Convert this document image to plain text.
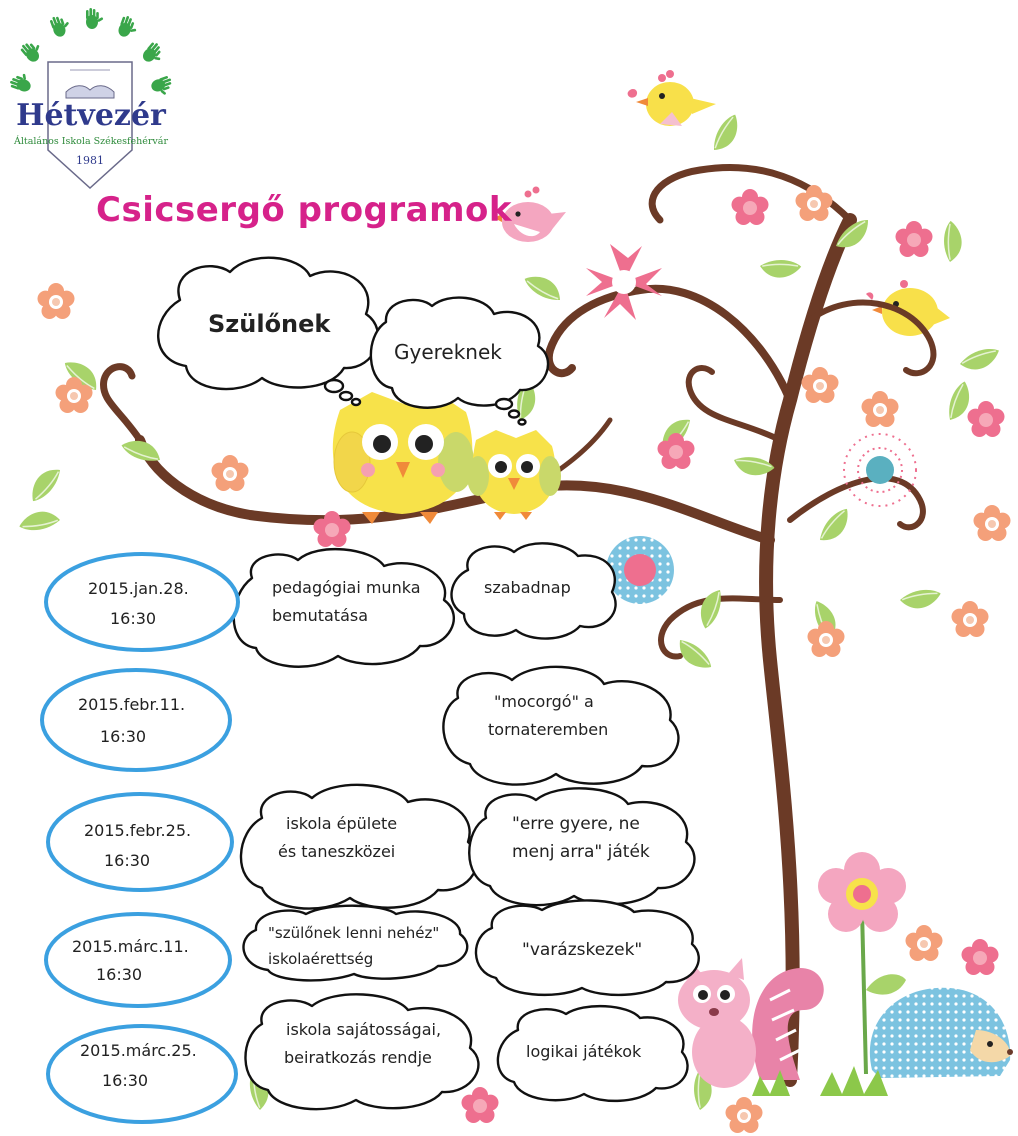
Hétvezér
Általános Iskola Székesfehérvár
1981
Csicsergő programok
Szülőnek
Gyereknek
2015.jan.28.
16:30
pedagógiai munka
bemutatása
szabadnap
2015.febr.11.
16:30
"mocorgó" a
tornateremben
2015.febr.25.
16:30
iskola épülete
és taneszközei
"erre gyere, ne
menj arra" játék
2015.márc.11.
16:30
"szülőnek lenni nehéz"
iskolaérettség	"varázskezek"
2015.márc.25.
16:30
iskola sajátosságai,
beiratkozás rendje	logikai játékok
